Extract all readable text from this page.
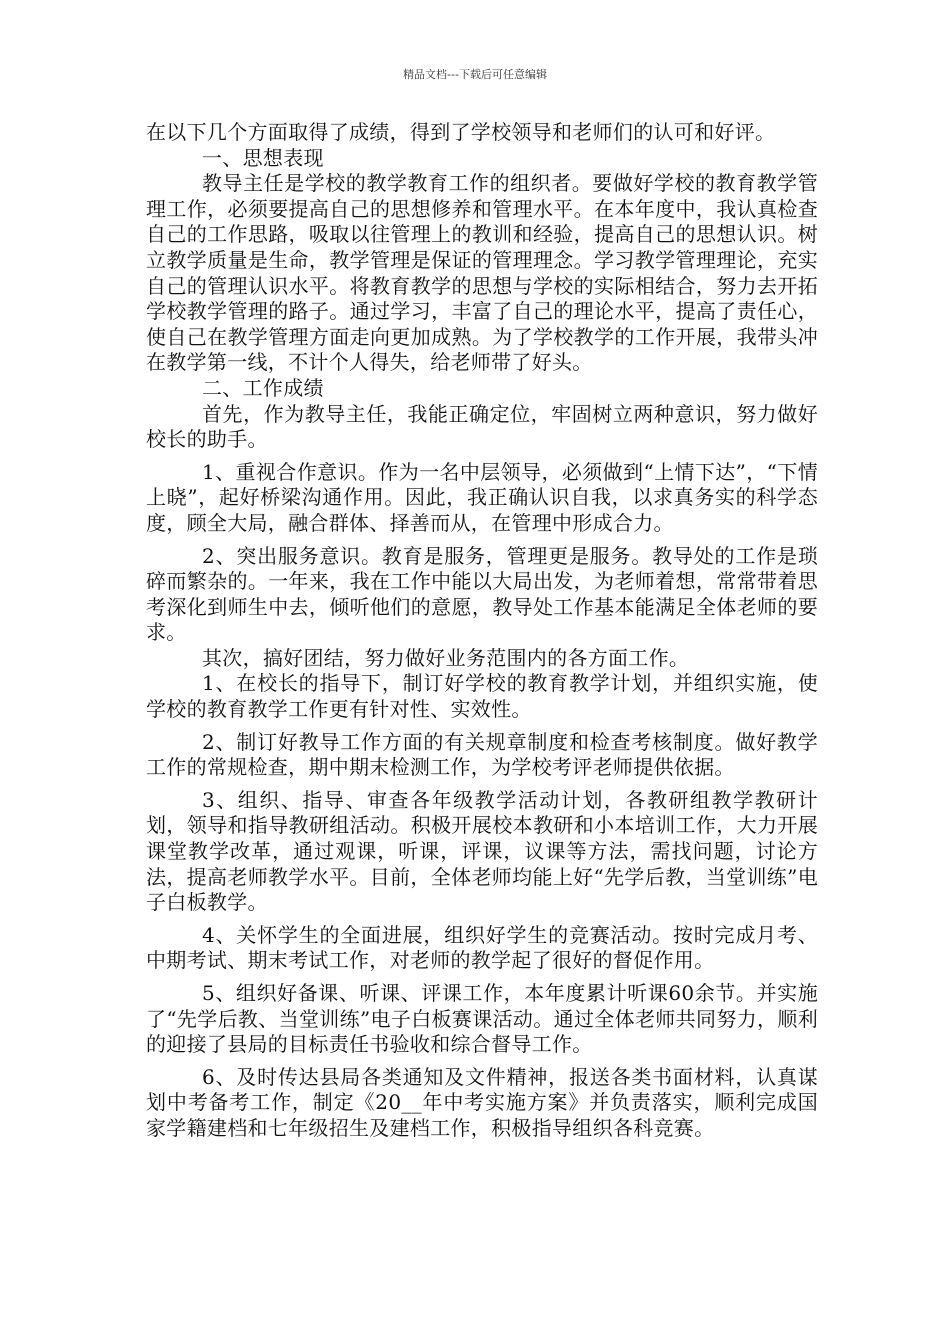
精品文档---下载后可任意编辑

在以下几个方面取得了成绩，得到了学校领导和老师们的认可和好评。

一、思想表现

教导主任是学校的教学教育工作的组织者。要做好学校的教育教学管理工作，必须要提高自己的思想修养和管理水平。在本年度中，我认真检查自己的工作思路，吸取以往管理上的教训和经验，提高自己的思想认识。树立教学质量是生命，教学管理是保证的管理理念。学习教学管理理论，充实自己的管理认识水平。将教育教学的思想与学校的实际相结合，努力去开拓学校教学管理的路子。通过学习，丰富了自己的理论水平，提高了责任心，使自己在教学管理方面走向更加成熟。为了学校教学的工作开展，我带头冲在教学第一线，不计个人得失，给老师带了好头。

二、工作成绩

首先，作为教导主任，我能正确定位，牢固树立两种意识，努力做好校长的助手。

1、重视合作意识。作为一名中层领导，必须做到“上情下达”，“下情上晓”，起好桥梁沟通作用。因此，我正确认识自我，以求真务实的科学态度，顾全大局，融合群体、择善而从，在管理中形成合力。

2、突出服务意识。教育是服务，管理更是服务。教导处的工作是琐碎而繁杂的。一年来，我在工作中能以大局出发，为老师着想，常常带着思考深化到师生中去，倾听他们的意愿，教导处工作基本能满足全体老师的要求。

其次，搞好团结，努力做好业务范围内的各方面工作。

1、在校长的指导下，制订好学校的教育教学计划，并组织实施，使学校的教育教学工作更有针对性、实效性。

2、制订好教导工作方面的有关规章制度和检查考核制度。做好教学工作的常规检查，期中期末检测工作，为学校考评老师提供依据。

3、组织、指导、审查各年级教学活动计划，各教研组教学教研计划，领导和指导教研组活动。积极开展校本教研和小本培训工作，大力开展课堂教学改革，通过观课，听课，评课，议课等方法，需找问题，讨论方法，提高老师教学水平。目前，全体老师均能上好“先学后教，当堂训练”电子白板教学。

4、关怀学生的全面进展，组织好学生的竞赛活动。按时完成月考、中期考试、期末考试工作，对老师的教学起了很好的督促作用。

5、组织好备课、听课、评课工作，本年度累计听课60余节。并实施了“先学后教、当堂训练”电子白板赛课活动。通过全体老师共同努力，顺利的迎接了县局的目标责任书验收和综合督导工作。

6、及时传达县局各类通知及文件精神，报送各类书面材料，认真谋划中考备考工作，制定《20__年中考实施方案》并负责落实，顺利完成国家学籍建档和七年级招生及建档工作，积极指导组织各科竞赛。
